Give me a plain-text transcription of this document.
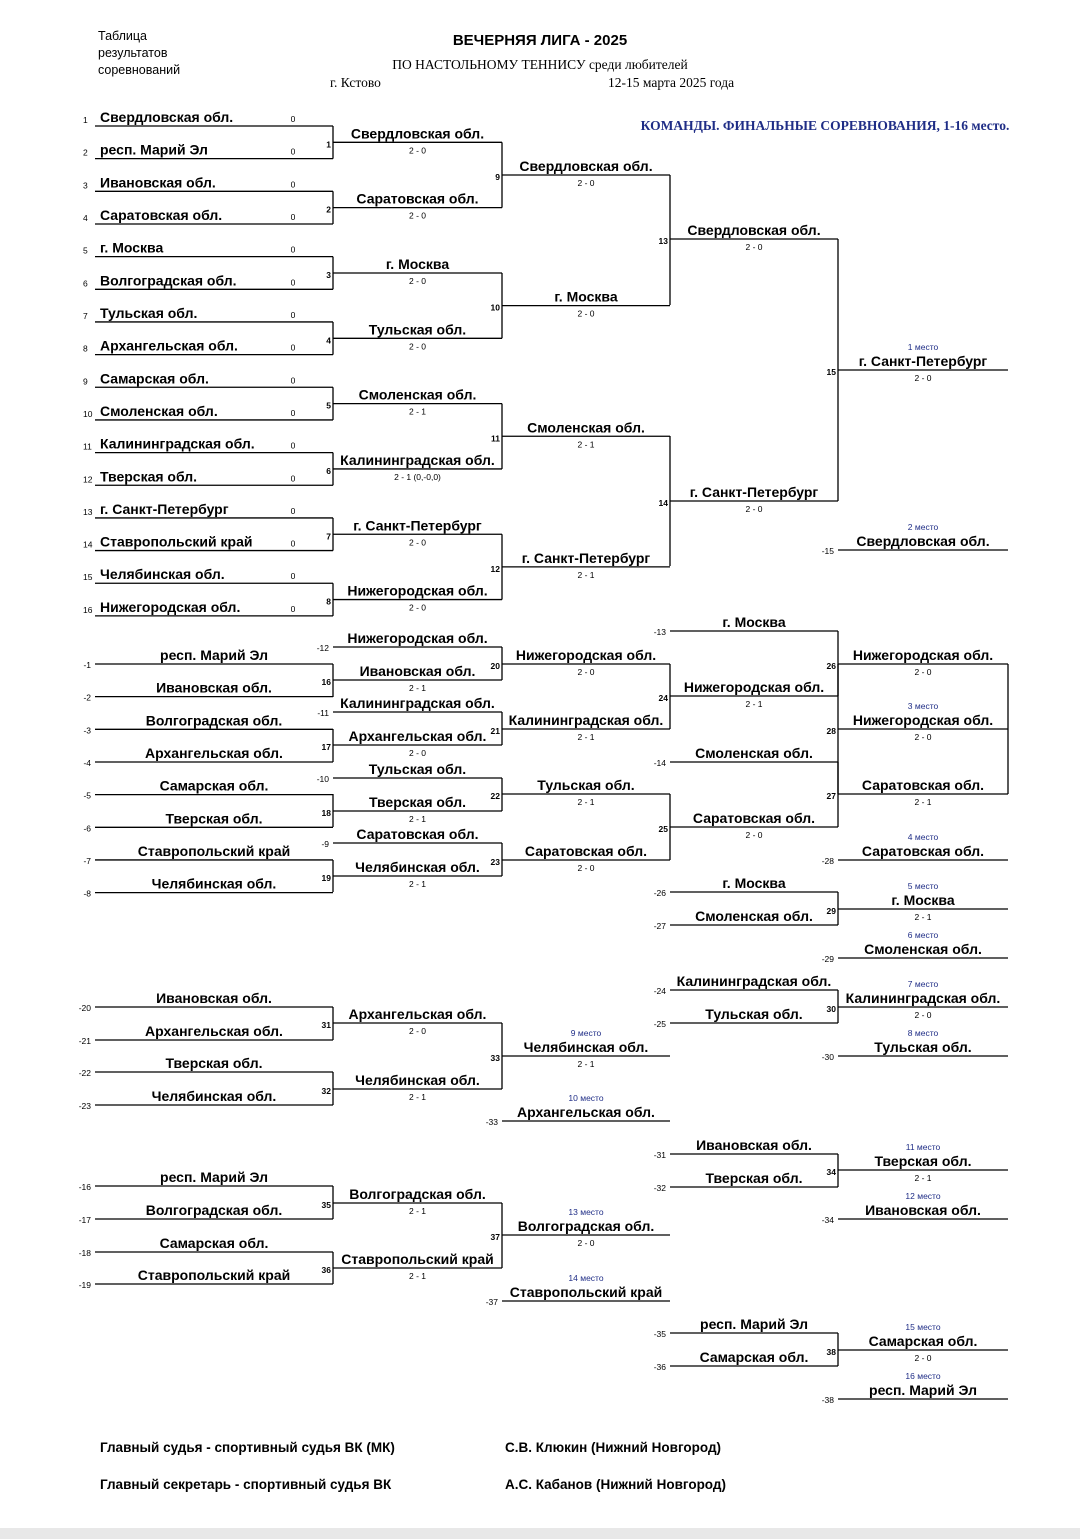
Таблица
результатов
соревнований
ВЕЧЕРНЯЯ ЛИГА - 2025
ПО НАСТОЛЬНОМУ ТЕННИСУ среди любителей
г. Кстово	12-15 марта 2025 года
КОМАНДЫ. ФИНАЛЬНЫЕ СОРЕВНОВАНИЯ, 1-16 место.
Свердловская обл.
1	0
респ. Марий Эл
2	0
Ивановская обл.
3	0
Саратовская обл.
4	0
г. Москва
5	0
Волгоградская обл.
6	0
Тульская обл.
7	0
Архангельская обл.
8	0
Самарская обл.
9	0
Смоленская обл.
10	0
Калининградская обл.
11	0
Тверская обл.
12	0
г. Санкт-Петербург
13	0
Ставропольский край
14	0
Челябинская обл.
15	0
Нижегородская обл.
16	0
Свердловская обл.
2 - 0
1
Саратовская обл.
2 - 0
2
г. Москва
2 - 0
3
Тульская обл.
2 - 0
4
Смоленская обл.
2 - 1
5
Калининградская обл.
2 - 1 (0,-0,0)
6
г. Санкт-Петербург
2 - 0
7
Нижегородская обл.
2 - 0
8
Свердловская обл.
2 - 0
9
г. Москва
2 - 0
10
Смоленская обл.
2 - 1
11
г. Санкт-Петербург
2 - 1
12
Свердловская обл.
2 - 0
13
г. Санкт-Петербург
2 - 0
14
г. Санкт-Петербург
2 - 0
15
1 место
Свердловская обл.
-15
2 место
респ. Марий Эл
-1
Ивановская обл.
-2
Волгоградская обл.
-3
Архангельская обл.
-4
Самарская обл.
-5
Тверская обл.
-6
Ставропольский край
-7
Челябинская обл.
-8
Нижегородская обл.
-12
Калининградская обл.
-11
Тульская обл.
-10
Саратовская обл.
-9
Ивановская обл.
2 - 1
16
Архангельская обл.
2 - 0
17
Тверская обл.
2 - 1
18
Челябинская обл.
2 - 1
19
Нижегородская обл.
2 - 0
20
Калининградская обл.
2 - 1
21
Тульская обл.
2 - 1
22
Саратовская обл.
2 - 0
23
г. Москва
-13
Смоленская обл.
-14
Нижегородская обл.
2 - 1
24
Саратовская обл.
2 - 0
25
Нижегородская обл.
2 - 0
26
Саратовская обл.
2 - 1
27
Нижегородская обл.
2 - 0
28
3 место
Саратовская обл.
-28
4 место
г. Москва
-26
Смоленская обл.
-27
г. Москва
2 - 1
29
5 место
Смоленская обл.
-29
6 место
Калининградская обл.
-24
Тульская обл.
-25
Калининградская обл.
2 - 0
30
7 место
Тульская обл.
-30
8 место
Ивановская обл.
-20
Архангельская обл.
-21
Тверская обл.
-22
Челябинская обл.
-23
Архангельская обл.
2 - 0
31
Челябинская обл.
2 - 1
32
Челябинская обл.
2 - 1
33
9 место
Архангельская обл.
-33
10 место
Ивановская обл.
-31
Тверская обл.
-32
Тверская обл.
2 - 1
34
11 место
Ивановская обл.
-34
12 место
респ. Марий Эл
-16
Волгоградская обл.
-17
Самарская обл.
-18
Ставропольский край
-19
Волгоградская обл.
2 - 1
35
Ставропольский край
2 - 1
36
Волгоградская обл.
2 - 0
37
13 место
Ставропольский край
-37
14 место
респ. Марий Эл
-35
Самарская обл.
-36
Самарская обл.
2 - 0
38
15 место
респ. Марий Эл
-38
16 место
Главный судья - спортивный судья ВК (МК)	С.В. Клюкин (Нижний Новгород)
Главный секретарь - спортивный судья ВК	А.С. Кабанов (Нижний Новгород)
